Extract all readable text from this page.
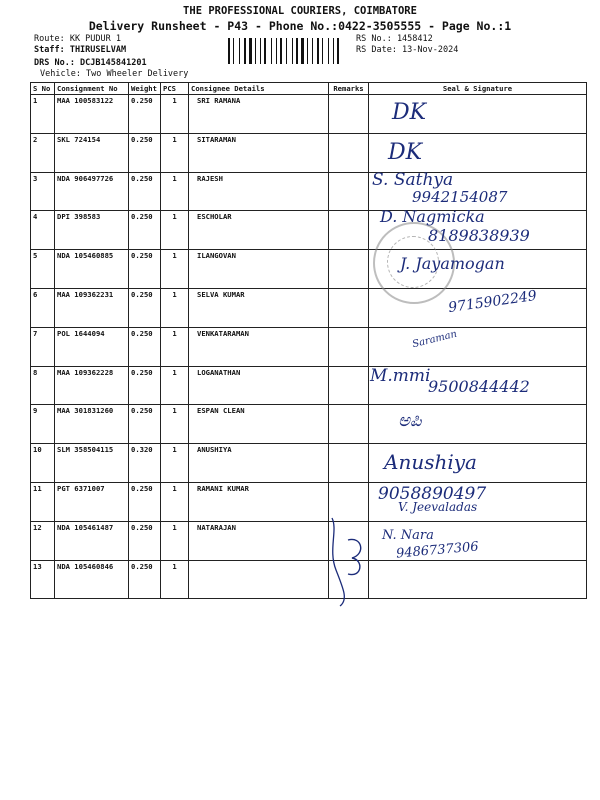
THE PROFESSIONAL COURIERS, COIMBATORE
Delivery Runsheet - P43 - Phone No.:0422-3505555 - Page No.:1
Route: KK PUDUR 1
Staff: THIRUSELVAM
DRS No.: DCJB145841201
Vehicle: Two Wheeler Delivery
RS No.: 1458412
RS Date: 13-Nov-2024
S No	Consignment No	Weight	PCS	Consignee Details	Remarks	Seal & Signature
1	MAA 100583122	0.250	1	SRI RAMANA		
2	SKL 724154	0.250	1	SITARAMAN		
3	NDA 906497726	0.250	1	RAJESH		
4	DPI 398583	0.250	1	ESCHOLAR		
5	NDA 105460885	0.250	1	ILANGOVAN		
6	MAA 109362231	0.250	1	SELVA KUMAR		
7	POL 1644094	0.250	1	VENKATARAMAN		
8	MAA 109362228	0.250	1	LOGANATHAN		
9	MAA 301831260	0.250	1	ESPAN CLEAN		
10	SLM 358504115	0.320	1	ANUSHIYA		
11	PGT 6371007	0.250	1	RAMANI KUMAR		
12	NDA 105461487	0.250	1	NATARAJAN		
13	NDA 105460846	0.250	1			
DK
DK
S. Sathya
9942154087
D. Nagmicka
8189838939
J. Jayamogan
9715902249
Saraman
M.mmi
9500844442
ಅಪಿ
Anushiya
9058890497
V. Jeevaladas
N. Nara
9486737306
